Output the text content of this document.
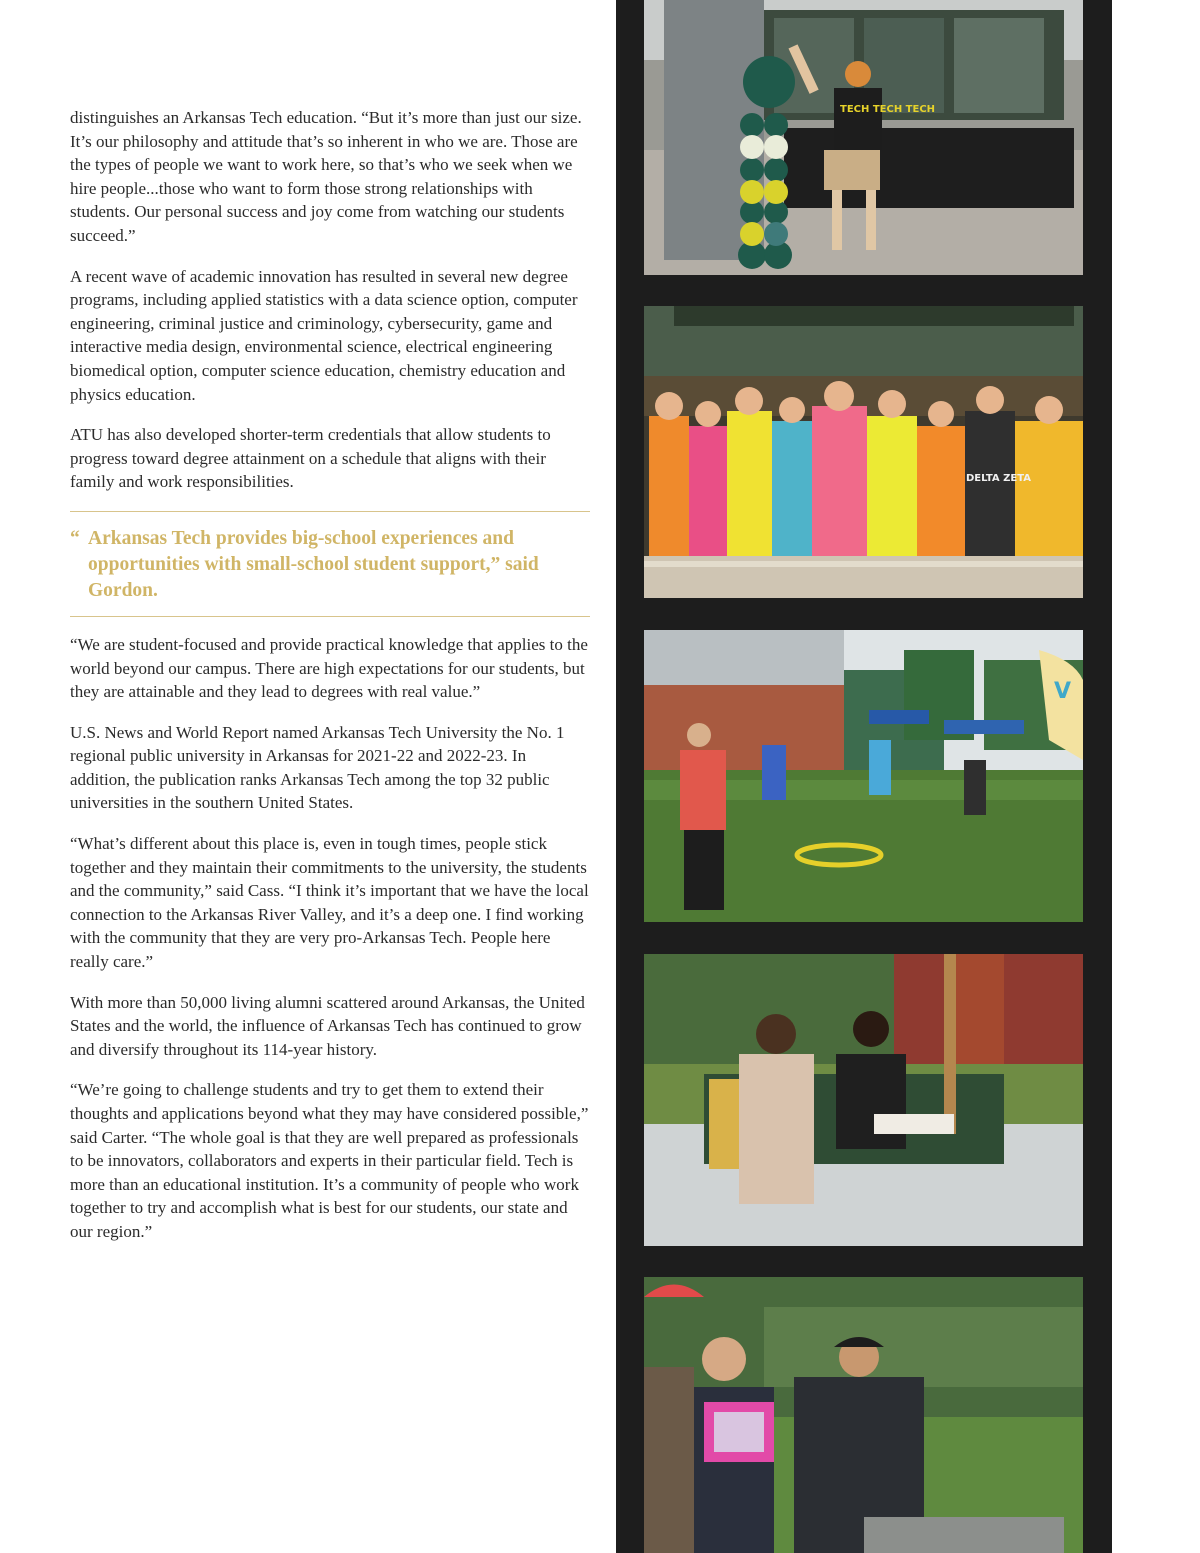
distinguishes an Arkansas Tech education. “But it’s more than just our size. It’s our philosophy and attitude that’s so inherent in who we are. Those are the types of people we want to work here, so that’s who we seek when we hire people...those who want to form those strong relationships with students. Our personal success and joy come from watching our students succeed.”

A recent wave of academic innovation has resulted in several new degree programs, including applied statistics with a data science option, computer engineering, criminal justice and criminology, cybersecurity, game and interactive media design, environmental science, electrical engineering biomedical option, computer science education, chemistry education and physics education.

ATU has also developed shorter-term credentials that allow students to progress toward degree attainment on a schedule that aligns with their family and work responsibilities.

“ Arkansas Tech provides big-school experiences and opportunities with small-school student support,” said Gordon.

“We are student-focused and provide practical knowledge that applies to the world beyond our campus. There are high expectations for our students, but they are attainable and they lead to degrees with real value.”

U.S. News and World Report named Arkansas Tech University the No. 1 regional public university in Arkansas for 2021-22 and 2022-23. In addition, the publication ranks Arkansas Tech among the top 32 public universities in the southern United States.

“What’s different about this place is, even in tough times, people stick together and they maintain their commitments to the university, the students and the community,” said Cass. “I think it’s important that we have the local connection to the Arkansas River Valley, and it’s a deep one. I find working with the community that they are very pro-Arkansas Tech. People here really care.”

With more than 50,000 living alumni scattered around Arkansas, the United States and the world, the influence of Arkansas Tech has continued to grow and diversify throughout its 114-year history.

“We’re going to challenge students and try to get them to extend their thoughts and applications beyond what they may have considered possible,” said Carter. “The whole goal is that they are well prepared as professionals to be innovators, collaborators and experts in their particular field. Tech is more than an educational institution. It’s a community of people who work together to try and accomplish what is best for our students, our state and our region.”

TECH TECH TECH
DELTA ZETA
V
